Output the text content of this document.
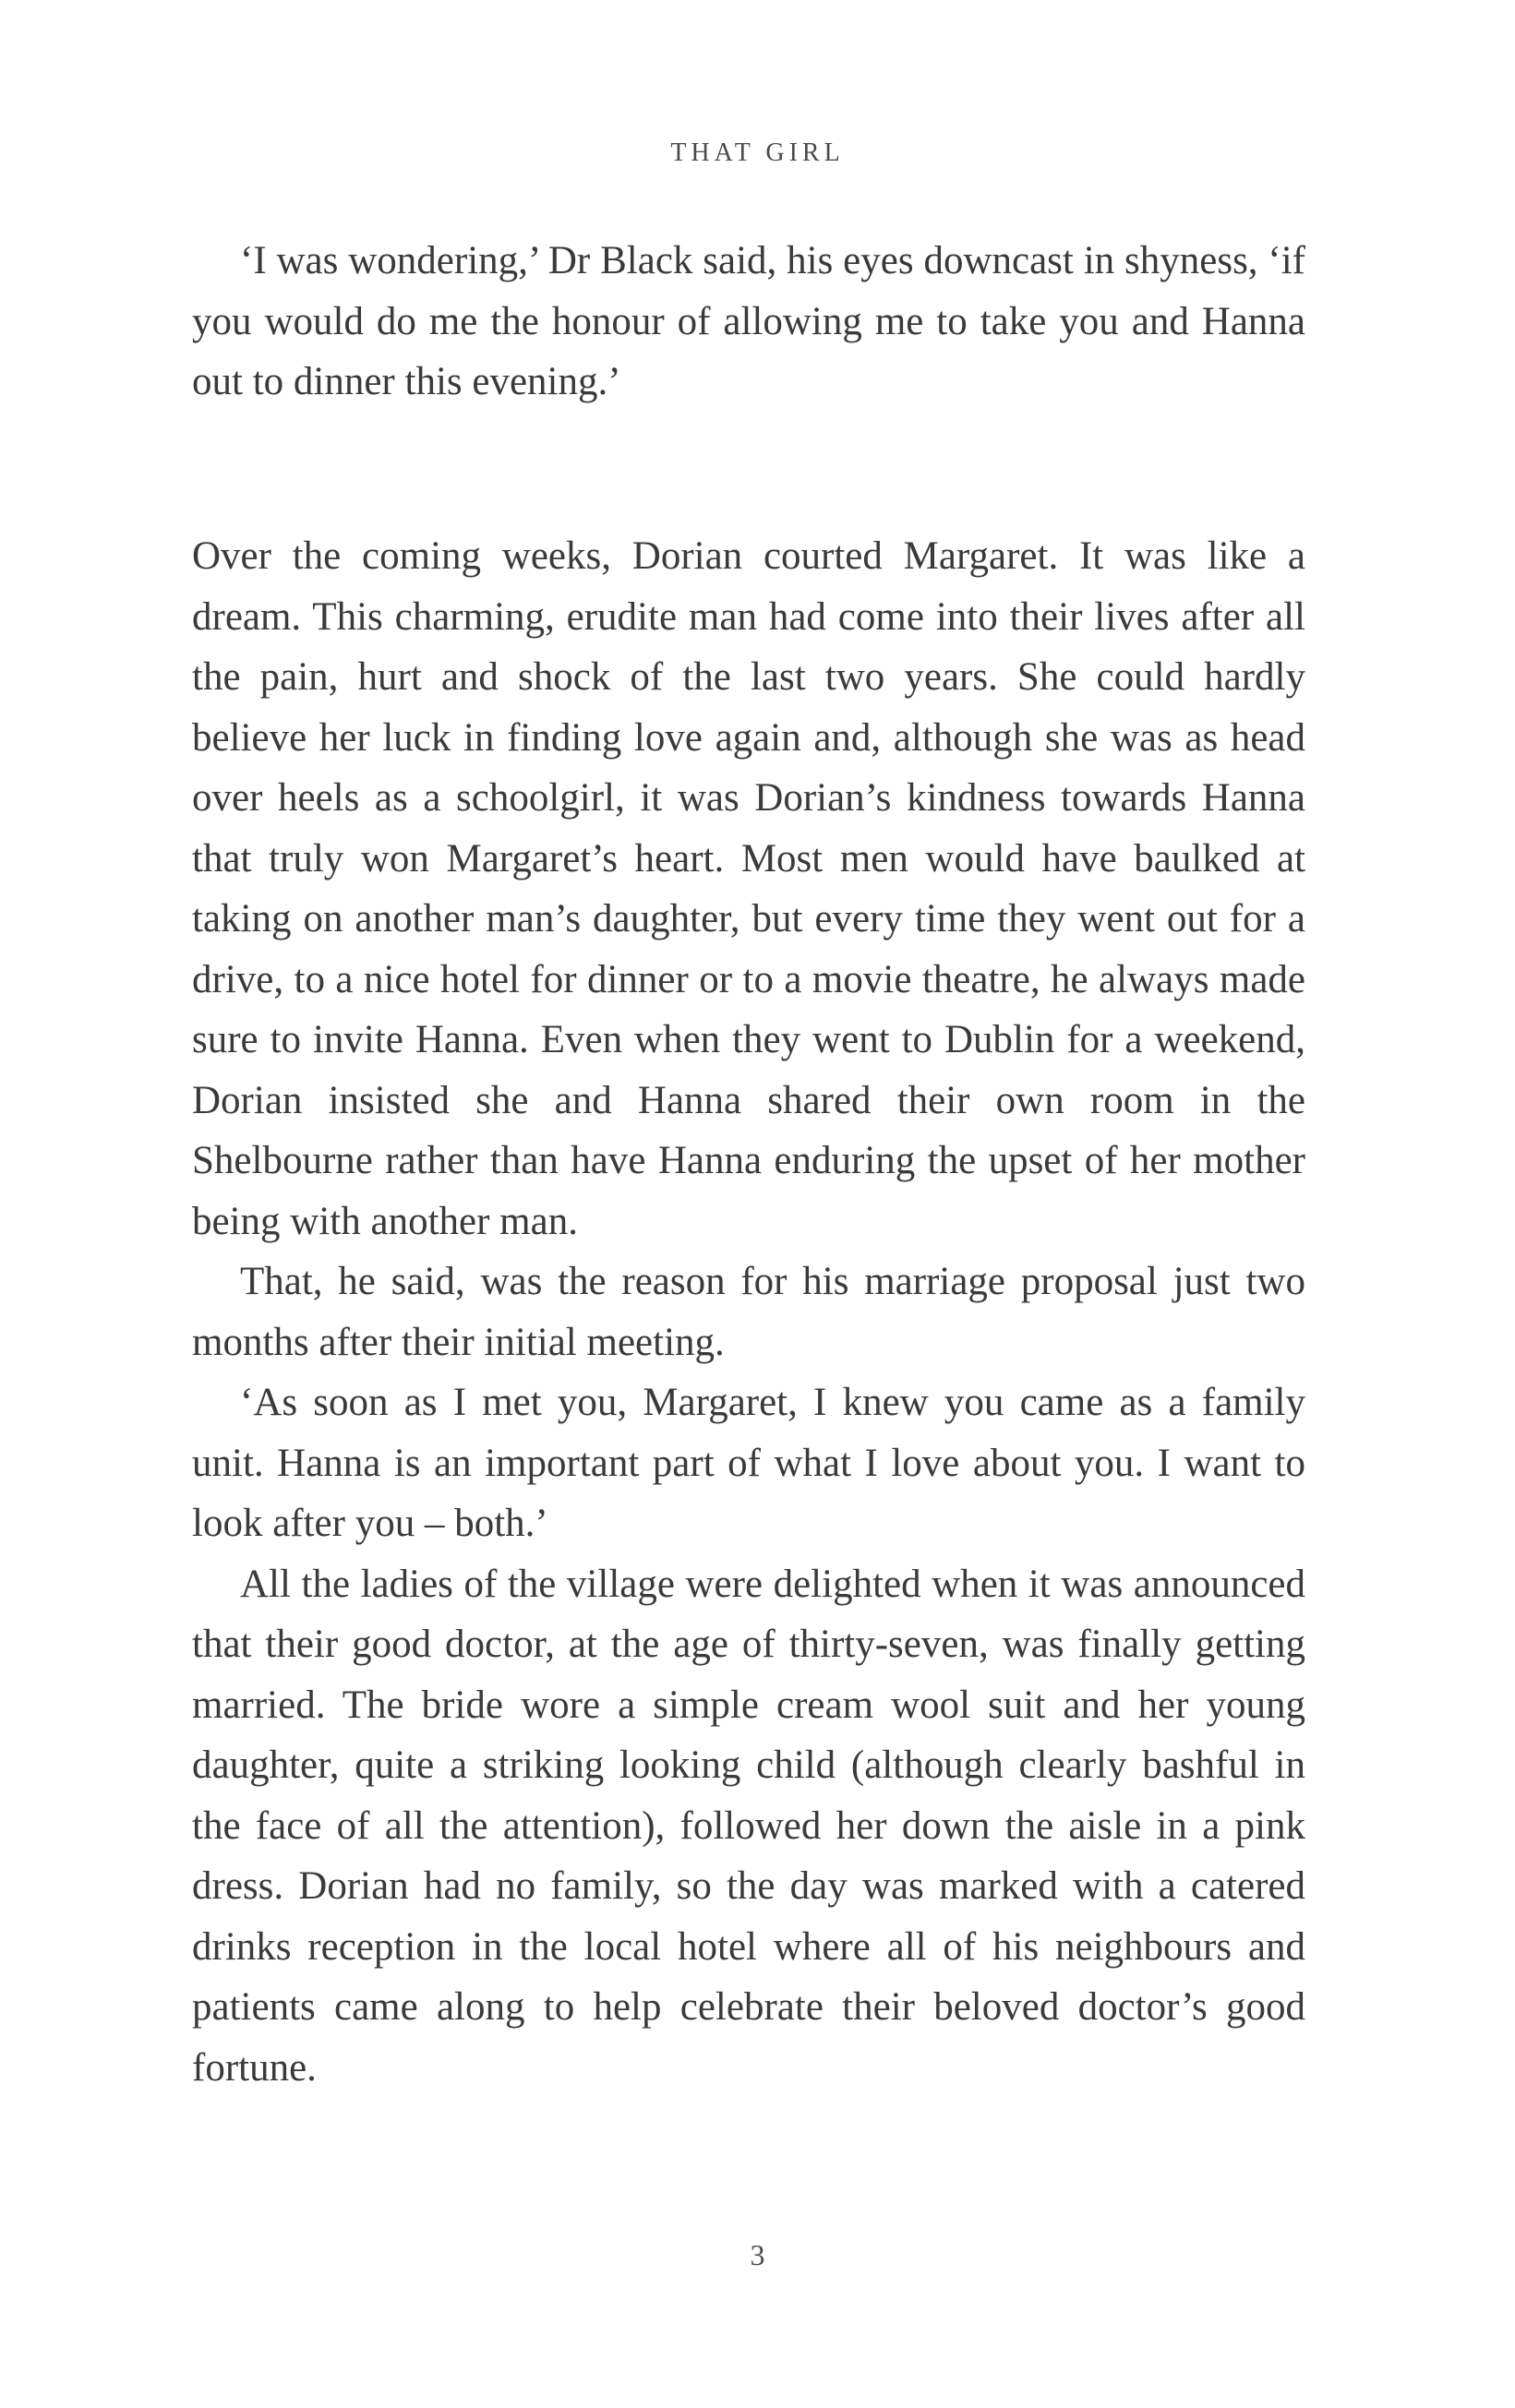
THAT GIRL

‘I was wondering,’ Dr Black said, his eyes downcast in shyness, ‘if you would do me the honour of allowing me to take you and Hanna out to dinner this evening.’

Over the coming weeks, Dorian courted Margaret. It was like a dream. This charming, erudite man had come into their lives after all the pain, hurt and shock of the last two years. She could hardly believe her luck in finding love again and, although she was as head over heels as a schoolgirl, it was Dorian’s kindness towards Hanna that truly won Margaret’s heart. Most men would have baulked at taking on another man’s daughter, but every time they went out for a drive, to a nice hotel for dinner or to a movie theatre, he always made sure to invite Hanna. Even when they went to Dublin for a weekend, Dorian insisted she and Hanna shared their own room in the Shelbourne rather than have Hanna enduring the upset of her mother being with another man.

That, he said, was the reason for his marriage proposal just two months after their initial meeting.

‘As soon as I met you, Margaret, I knew you came as a family unit. Hanna is an important part of what I love about you. I want to look after you – both.’

All the ladies of the village were delighted when it was announced that their good doctor, at the age of thirty-seven, was finally getting married. The bride wore a simple cream wool suit and her young daughter, quite a striking looking child (although clearly bashful in the face of all the attention), followed her down the aisle in a pink dress. Dorian had no family, so the day was marked with a catered drinks reception in the local hotel where all of his neighbours and patients came along to help celebrate their beloved doctor’s good fortune.

3
